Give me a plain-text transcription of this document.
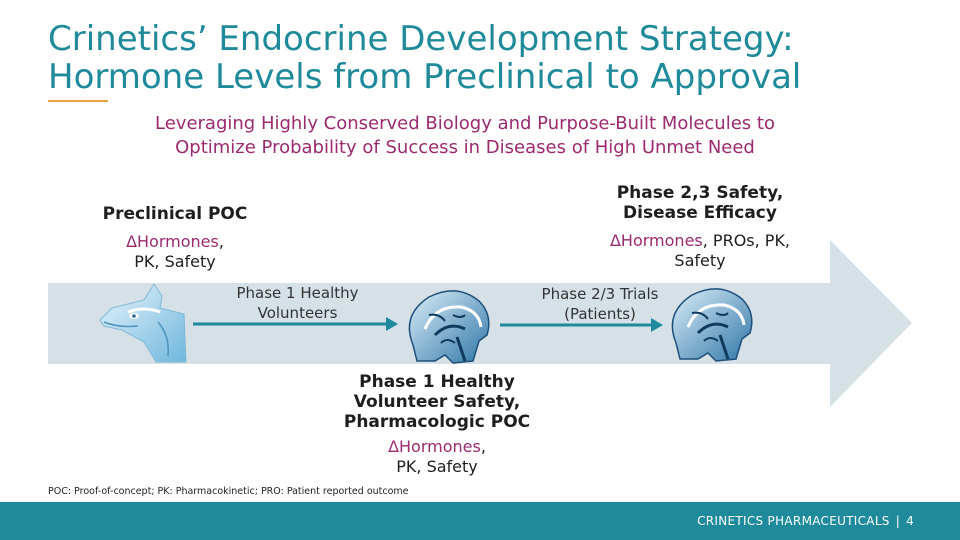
Crinetics’ Endocrine Development Strategy:
Hormone Levels from Preclinical to Approval
Leveraging Highly Conserved Biology and Purpose-Built Molecules to
Optimize Probability of Success in Diseases of High Unmet Need
Preclinical POC
ΔHormones,
PK, Safety
Phase 1 Healthy
Volunteers
Phase 1 Healthy
Volunteer Safety,
Pharmacologic POC
ΔHormones,
PK, Safety
Phase 2/3 Trials
(Patients)
Phase 2,3 Safety,
Disease Efficacy
ΔHormones, PROs, PK,
Safety
POC: Proof-of-concept; PK: Pharmacokinetic; PRO: Patient reported outcome
CRINETICS PHARMACEUTICALS | 4
